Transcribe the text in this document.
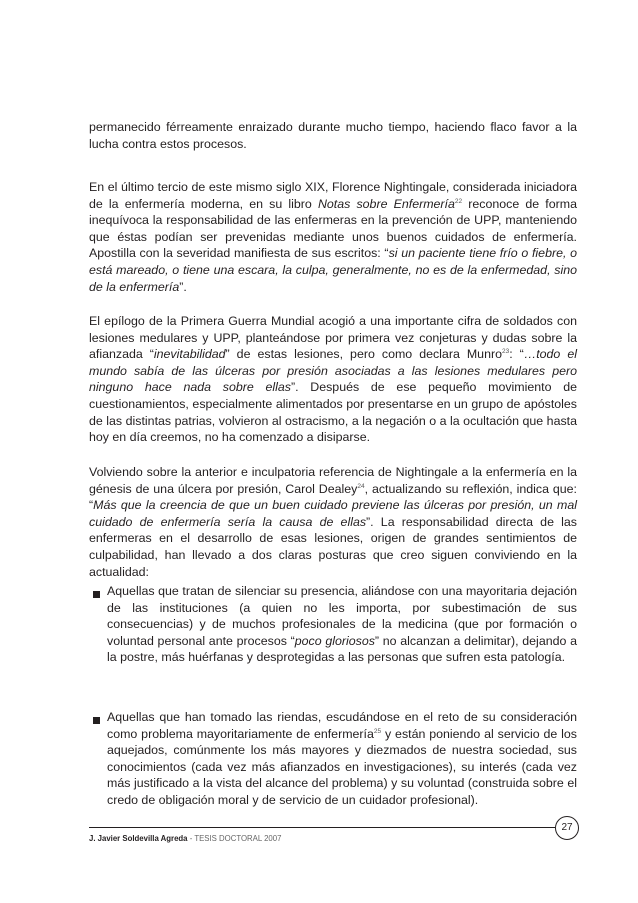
permanecido férreamente enraizado durante mucho tiempo, haciendo flaco favor a la lucha contra estos procesos.

En el último tercio de este mismo siglo XIX, Florence Nightingale, considerada iniciadora de la enfermería moderna, en su libro Notas sobre Enfermería$^{22}$ reconoce de forma inequívoca la responsabilidad de las enfermeras en la prevención de UPP, manteniendo que éstas podían ser prevenidas mediante unos buenos cuidados de enfermería. Apostilla con la severidad manifiesta de sus escritos: “si un paciente tiene frío o fiebre, o está mareado, o tiene una escara, la culpa, generalmente, no es de la enfermedad, sino de la enfermería”.

El epílogo de la Primera Guerra Mundial acogió a una importante cifra de soldados con lesiones medulares y UPP, planteándose por primera vez conjeturas y dudas sobre la afianzada “inevitabilidad” de estas lesiones, pero como declara Munro$^{23}$: “…todo el mundo sabía de las úlceras por presión asociadas a las lesiones medulares pero ninguno hace nada sobre ellas”. Después de ese pequeño movimiento de cuestionamientos, especialmente alimentados por presentarse en un grupo de apóstoles de las distintas patrias, volvieron al ostracismo, a la negación o a la ocultación que hasta hoy en día creemos, no ha comenzado a disiparse.

Volviendo sobre la anterior e inculpatoria referencia de Nightingale a la enfermería en la génesis de una úlcera por presión, Carol Dealey$^{24}$, actualizando su reflexión, indica que: “Más que la creencia de que un buen cuidado previene las úlceras por presión, un mal cuidado de enfermería sería la causa de ellas”. La responsabilidad directa de las enfermeras en el desarrollo de esas lesiones, origen de grandes sentimientos de culpabilidad, han llevado a dos claras posturas que creo siguen conviviendo en la actualidad:

Aquellas que tratan de silenciar su presencia, aliándose con una mayoritaria dejación de las instituciones (a quien no les importa, por subestimación de sus consecuencias) y de muchos profesionales de la medicina (que por formación o voluntad personal ante procesos “poco gloriosos” no alcanzan a delimitar), dejando a la postre, más huérfanas y desprotegidas a las personas que sufren esta patología.

Aquellas que han tomado las riendas, escudándose en el reto de su consideración como problema mayoritariamente de enfermería$^{25}$ y están poniendo al servicio de los aquejados, comúnmente los más mayores y diezmados de nuestra sociedad, sus conocimientos (cada vez más afianzados en investigaciones), su interés (cada vez más justificado a la vista del alcance del problema) y su voluntad (construida sobre el credo de obligación moral y de servicio de un cuidador profesional).

27
J. Javier Soldevilla Agreda - TESIS DOCTORAL 2007
